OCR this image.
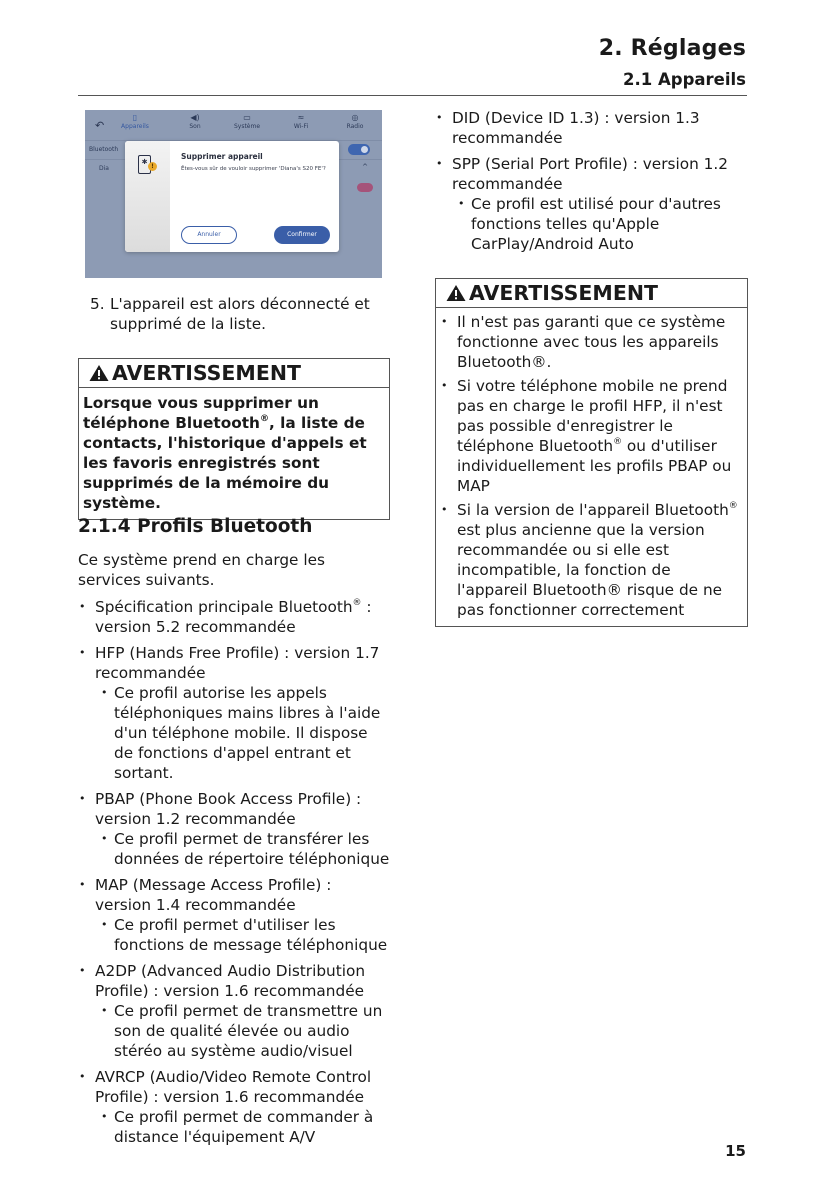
2. Réglages
2.1 Appareils
↶
▯
Appareils
◀)
Son
▭
Système
≈
Wi-Fi
◎
Radio
Bluetooth
Dia	^
✱
!
Supprimer appareil
Êtes-vous sûr de vouloir supprimer 'Diana's S20 FE'?
Annuler	Confirmer
5. L'appareil est alors déconnecté et supprimé de la liste.
AVERTISSEMENT
Lorsque vous supprimer un téléphone Bluetooth®, la liste de contacts, l'historique d'appels et les favoris enregistrés sont supprimés de la mémoire du système.
2.1.4 Profils Bluetooth
Ce système prend en charge les services suivants.
• Spécification principale Bluetooth® : version 5.2 recommandée
• HFP (Hands Free Profile) : version 1.7 recommandée
• Ce profil autorise les appels téléphoniques mains libres à l'aide d'un téléphone mobile. Il dispose de fonctions d'appel entrant et sortant.
• PBAP (Phone Book Access Profile) : version 1.2 recommandée
• Ce profil permet de transférer les données de répertoire téléphonique
• MAP (Message Access Profile) : version 1.4 recommandée
• Ce profil permet d'utiliser les fonctions de message téléphonique
• A2DP (Advanced Audio Distribution Profile) : version 1.6 recommandée
• Ce profil permet de transmettre un son de qualité élevée ou audio stéréo au système audio/visuel
• AVRCP (Audio/Video Remote Control Profile) : version 1.6 recommandée
• Ce profil permet de commander à distance l'équipement A/V
• DID (Device ID 1.3) : version 1.3 recommandée
• SPP (Serial Port Profile) : version 1.2 recommandée
• Ce profil est utilisé pour d'autres fonctions telles qu'Apple CarPlay/Android Auto
AVERTISSEMENT
• Il n'est pas garanti que ce système fonctionne avec tous les appareils Bluetooth®.
• Si votre téléphone mobile ne prend pas en charge le profil HFP, il n'est pas possible d'enregistrer le téléphone Bluetooth® ou d'utiliser individuellement les profils PBAP ou MAP
• Si la version de l'appareil Bluetooth® est plus ancienne que la version recommandée ou si elle est incompatible, la fonction de l'appareil Bluetooth® risque de ne pas fonctionner correctement
15
